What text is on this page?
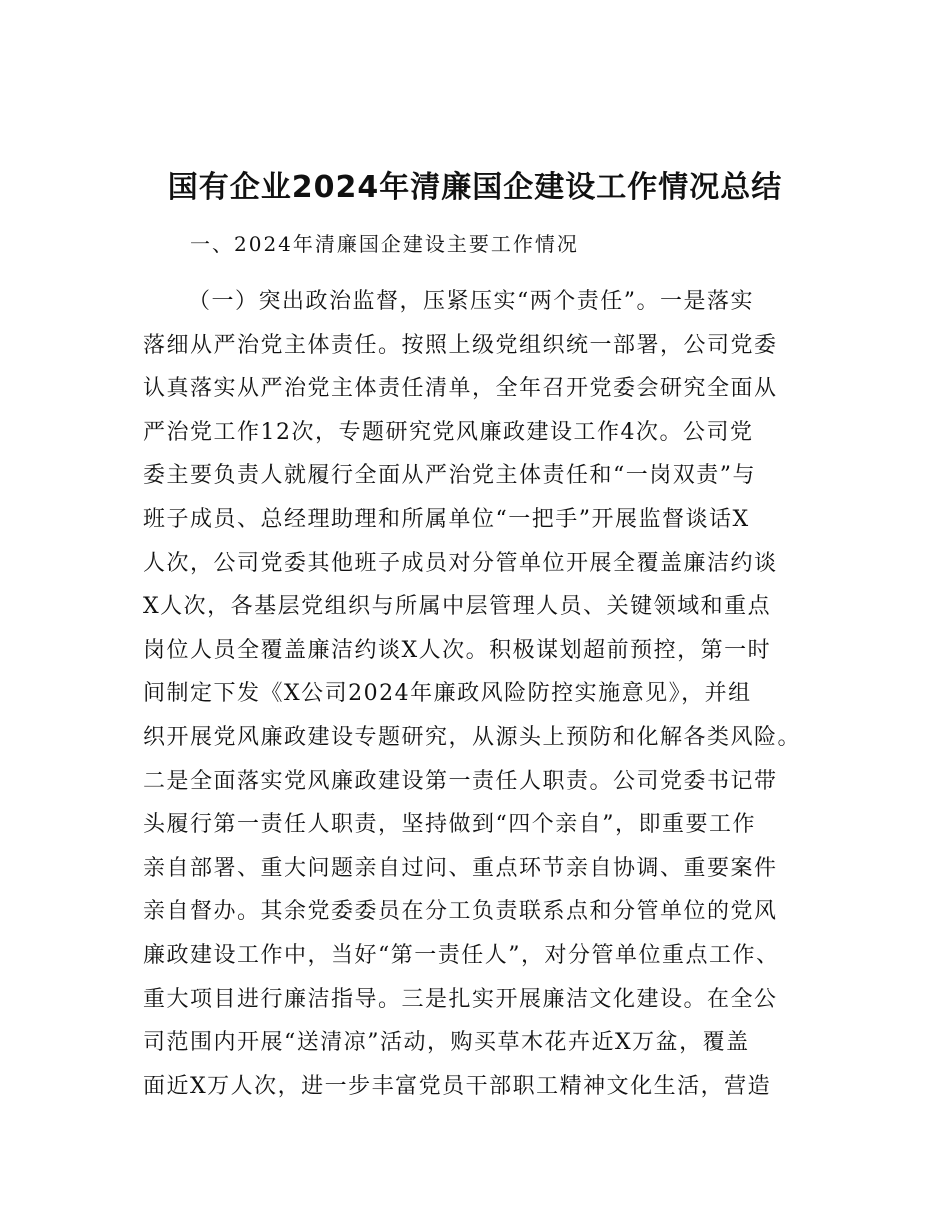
国有企业2024年清廉国企建设工作情况总结
一、2024年清廉国企建设主要工作情况
（一）突出政治监督，压紧压实“两个责任”。一是落实
落细从严治党主体责任。按照上级党组织统一部署，公司党委
认真落实从严治党主体责任清单，全年召开党委会研究全面从
严治党工作12次，专题研究党风廉政建设工作4次。公司党
委主要负责人就履行全面从严治党主体责任和“一岗双责”与
班子成员、总经理助理和所属单位“一把手”开展监督谈话X
人次，公司党委其他班子成员对分管单位开展全覆盖廉洁约谈
X人次，各基层党组织与所属中层管理人员、关键领域和重点
岗位人员全覆盖廉洁约谈X人次。积极谋划超前预控，第一时
间制定下发《X公司2024年廉政风险防控实施意见》，并组
织开展党风廉政建设专题研究，从源头上预防和化解各类风险。
二是全面落实党风廉政建设第一责任人职责。公司党委书记带
头履行第一责任人职责，坚持做到“四个亲自”，即重要工作
亲自部署、重大问题亲自过问、重点环节亲自协调、重要案件
亲自督办。其余党委委员在分工负责联系点和分管单位的党风
廉政建设工作中，当好“第一责任人”，对分管单位重点工作、
重大项目进行廉洁指导。三是扎实开展廉洁文化建设。在全公
司范围内开展“送清凉”活动，购买草木花卉近X万盆，覆盖
面近X万人次，进一步丰富党员干部职工精神文化生活，营造
